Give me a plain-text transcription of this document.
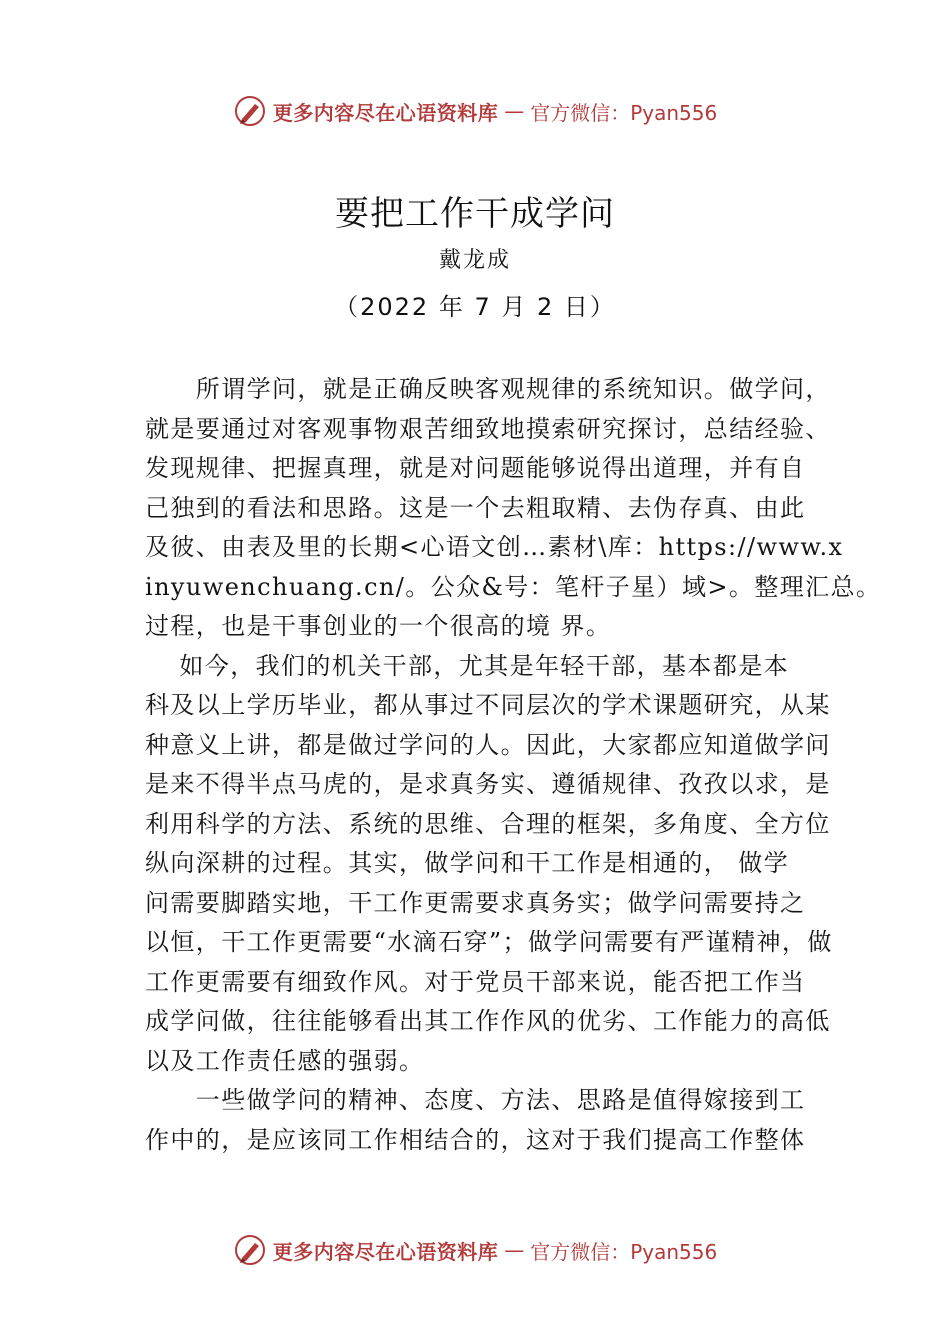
更多内容尽在心语资料库 — 官方微信：Pyan556
要把工作干成学问
戴龙成
（2022 年 7 月 2 日）
　　所谓学问，就是正确反映客观规律的系统知识。做学问，
就是要通过对客观事物艰苦细致地摸索研究探讨，总结经验、
发现规律、把握真理，就是对问题能够说得出道理，并有自
己独到的看法和思路。这是一个去粗取精、去伪存真、由此
及彼、由表及里的长期<心语文创…素材\库：https://www.x
inyuwenchuang.cn/。公众&号：笔杆子星）域>。整理汇总。
过程，也是干事创业的一个很高的境 界。
　 如今，我们的机关干部，尤其是年轻干部，基本都是本
科及以上学历毕业，都从事过不同层次的学术课题研究，从某
种意义上讲，都是做过学问的人。因此，大家都应知道做学问
是来不得半点马虎的，是求真务实、遵循规律、孜孜以求，是
利用科学的方法、系统的思维、合理的框架，多角度、全方位
纵向深耕的过程。其实，做学问和干工作是相通的， 做学
问需要脚踏实地，干工作更需要求真务实；做学问需要持之
以恒，干工作更需要“水滴石穿”；做学问需要有严谨精神，做
工作更需要有细致作风。对于党员干部来说，能否把工作当
成学问做，往往能够看出其工作作风的优劣、工作能力的高低
以及工作责任感的强弱。
　　一些做学问的精神、态度、方法、思路是值得嫁接到工
作中的，是应该同工作相结合的，这对于我们提高工作整体
更多内容尽在心语资料库 — 官方微信：Pyan556
